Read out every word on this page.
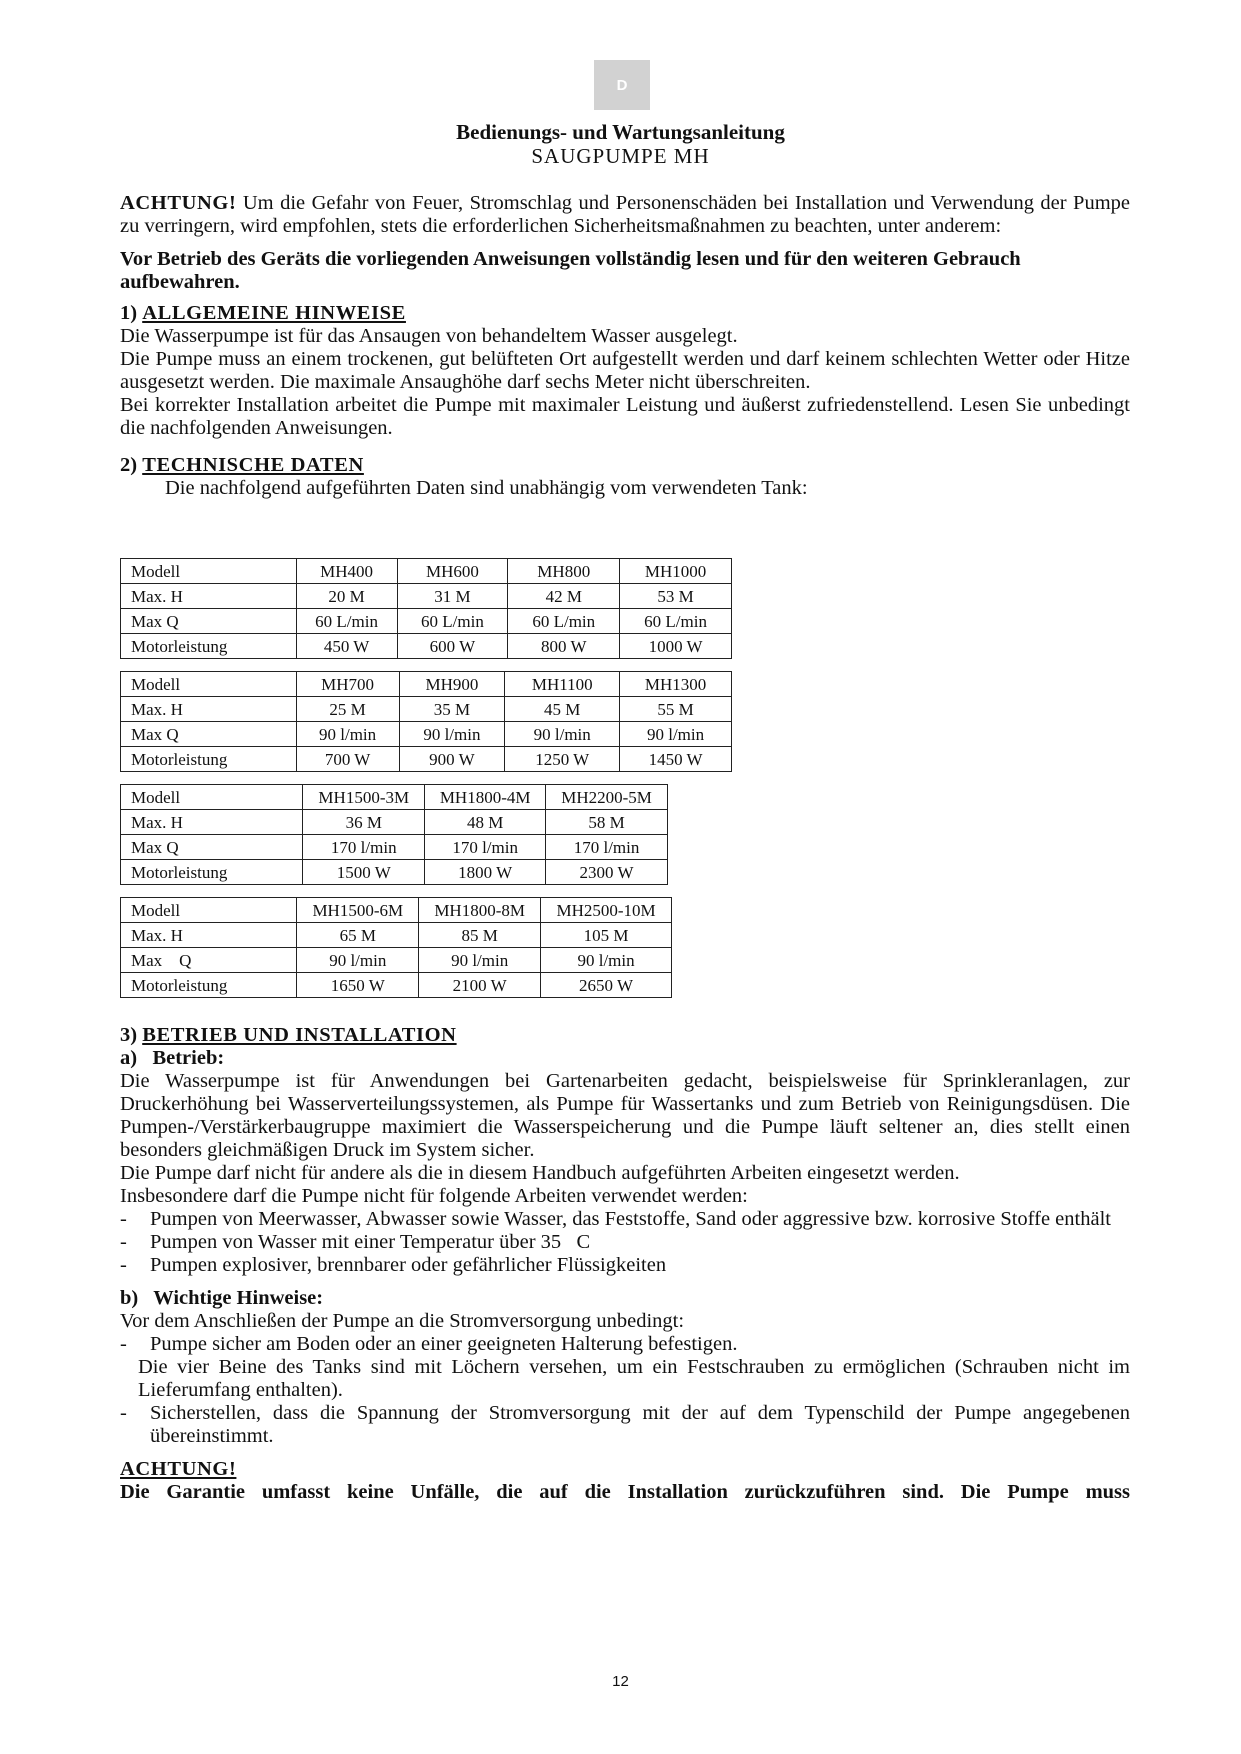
D
Bedienungs- und Wartungsanleitung
SAUGPUMPE MH

ACHTUNG! Um die Gefahr von Feuer, Stromschlag und Personenschäden bei Installation und Verwendung der Pumpe zu verringern, wird empfohlen, stets die erforderlichen Sicherheitsmaßnahmen zu beachten, unter anderem:

Vor Betrieb des Geräts die vorliegenden Anweisungen vollständig lesen und für den weiteren Gebrauch aufbewahren.

1) ALLGEMEINE HINWEISE

Die Wasserpumpe ist für das Ansaugen von behandeltem Wasser ausgelegt.

Die Pumpe muss an einem trockenen, gut belüfteten Ort aufgestellt werden und darf keinem schlechten Wetter oder Hitze ausgesetzt werden. Die maximale Ansaughöhe darf sechs Meter nicht überschreiten.

Bei korrekter Installation arbeitet die Pumpe mit maximaler Leistung und äußerst zufriedenstellend. Lesen Sie unbedingt die nachfolgenden Anweisungen.

2) TECHNISCHE DATEN

Die nachfolgend aufgeführten Daten sind unabhängig vom verwendeten Tank:

Modell	MH400	MH600	MH800	MH1000
Max. H	20 M	31 M	42 M	53 M
Max Q	60 L/min	60 L/min	60 L/min	60 L/min
Motorleistung	450 W	600 W	800 W	1000 W
Modell	MH700	MH900	MH1100	MH1300
Max. H	25 M	35 M	45 M	55 M
Max Q	90 l/min	90 l/min	90 l/min	90 l/min
Motorleistung	700 W	900 W	1250 W	1450 W
Modell	MH1500-3M	MH1800-4M	MH2200-5M
Max. H	36 M	48 M	58 M
Max Q	170 l/min	170 l/min	170 l/min
Motorleistung	1500 W	1800 W	2300 W
Modell	MH1500-6M	MH1800-8M	MH2500-10M
Max. H	65 M	85 M	105 M
Max    Q	90 l/min	90 l/min	90 l/min
Motorleistung	1650 W	2100 W	2650 W

3) BETRIEB UND INSTALLATION

a)   Betrieb:

Die Wasserpumpe ist für Anwendungen bei Gartenarbeiten gedacht, beispielsweise für Sprinkleranlagen, zur Druckerhöhung bei Wasserverteilungssystemen, als Pumpe für Wassertanks und zum Betrieb von Reinigungsdüsen. Die Pumpen-/Verstärkerbaugruppe maximiert die Wasserspeicherung und die Pumpe läuft seltener an, dies stellt einen besonders gleichmäßigen Druck im System sicher.

Die Pumpe darf nicht für andere als die in diesem Handbuch aufgeführten Arbeiten eingesetzt werden.

Insbesondere darf die Pumpe nicht für folgende Arbeiten verwendet werden:

-	Pumpen von Meerwasser, Abwasser sowie Wasser, das Feststoffe, Sand oder aggressive bzw. korrosive Stoffe enthält
-	Pumpen von Wasser mit einer Temperatur über 35   C
-	Pumpen explosiver, brennbarer oder gefährlicher Flüssigkeiten

b)   Wichtige Hinweise:

Vor dem Anschließen der Pumpe an die Stromversorgung unbedingt:

-	Pumpe sicher am Boden oder an einer geeigneten Halterung befestigen.

Die vier Beine des Tanks sind mit Löchern versehen, um ein Festschrauben zu ermöglichen (Schrauben nicht im Lieferumfang enthalten).

-	Sicherstellen, dass die Spannung der Stromversorgung mit der auf dem Typenschild der Pumpe angegebenen übereinstimmt.

ACHTUNG!

Die Garantie umfasst keine Unfälle, die auf die Installation zurückzuführen sind. Die Pumpe muss

12
